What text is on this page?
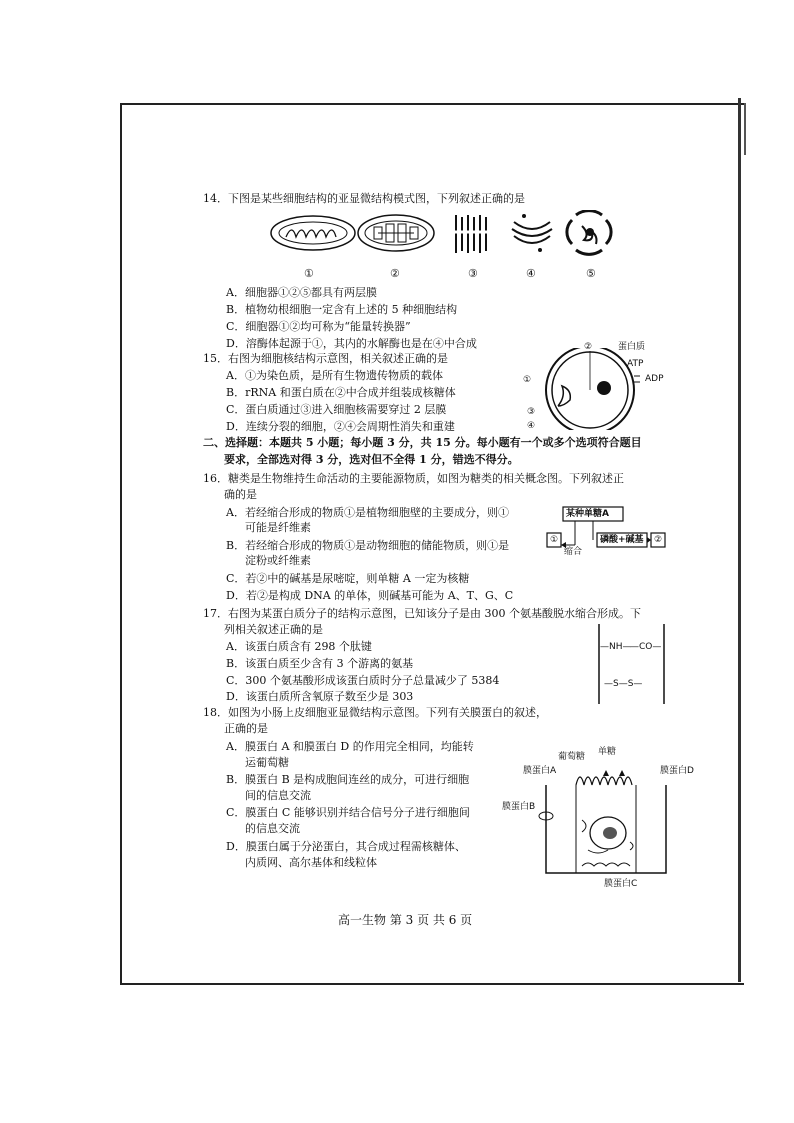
14．下图是某些细胞结构的亚显微结构模式图，下列叙述正确的是
①	②	③	④	⑤
A．细胞器①②⑤都具有两层膜
B．植物幼根细胞一定含有上述的 5 种细胞结构
C．细胞器①②均可称为“能量转换器”
D．溶酶体起源于①，其内的水解酶也是在④中合成
15．右图为细胞核结构示意图，相关叙述正确的是
A．①为染色质，是所有生物遗传物质的载体
B．rRNA 和蛋白质在②中合成并组装成核糖体
C．蛋白质通过③进入细胞核需要穿过 2 层膜
D．连续分裂的细胞，②④会周期性消失和重建
②	蛋白质
ATP
ADP
①
③
④
二、选择题：本题共 5 小题；每小题 3 分，共 15 分。每小题有一个或多个选项符合题目
要求，全部选对得 3 分，选对但不全得 1 分，错选不得分。
16．糖类是生物维持生命活动的主要能源物质，如图为糖类的相关概念图。下列叙述正
确的是
A．若经缩合形成的物质①是植物细胞壁的主要成分，则①
可能是纤维素
B．若经缩合形成的物质①是动物细胞的储能物质，则①是
淀粉或纤维素
C．若②中的碱基是尿嘧啶，则单糖 A 一定为核糖
D．若②是构成 DNA 的单体，则碱基可能为 A、T、G、C
某种单糖A
①
缩合
磷酸+碱基 ②
17．右图为某蛋白质分子的结构示意图，已知该分子是由 300 个氨基酸脱水缩合形成。下
列相关叙述正确的是
A．该蛋白质含有 298 个肽键
B．该蛋白质至少含有 3 个游离的氨基
C．300 个氨基酸形成该蛋白质时分子总量减少了 5384
D．该蛋白质所含氧原子数至少是 303
—NH—
—CO—
—S—S—
18．如图为小肠上皮细胞亚显微结构示意图。下列有关膜蛋白的叙述，
正确的是
A．膜蛋白 A 和膜蛋白 D 的作用完全相同，均能转
运葡萄糖
B．膜蛋白 B 是构成胞间连丝的成分，可进行细胞
间的信息交流
C．膜蛋白 C 能够识别并结合信号分子进行细胞间
的信息交流
D．膜蛋白属于分泌蛋白，其合成过程需核糖体、
内质网、高尔基体和线粒体
葡萄糖 单糖
膜蛋白A	膜蛋白D
膜蛋白B
膜蛋白C
高一生物 第 3 页 共 6 页
